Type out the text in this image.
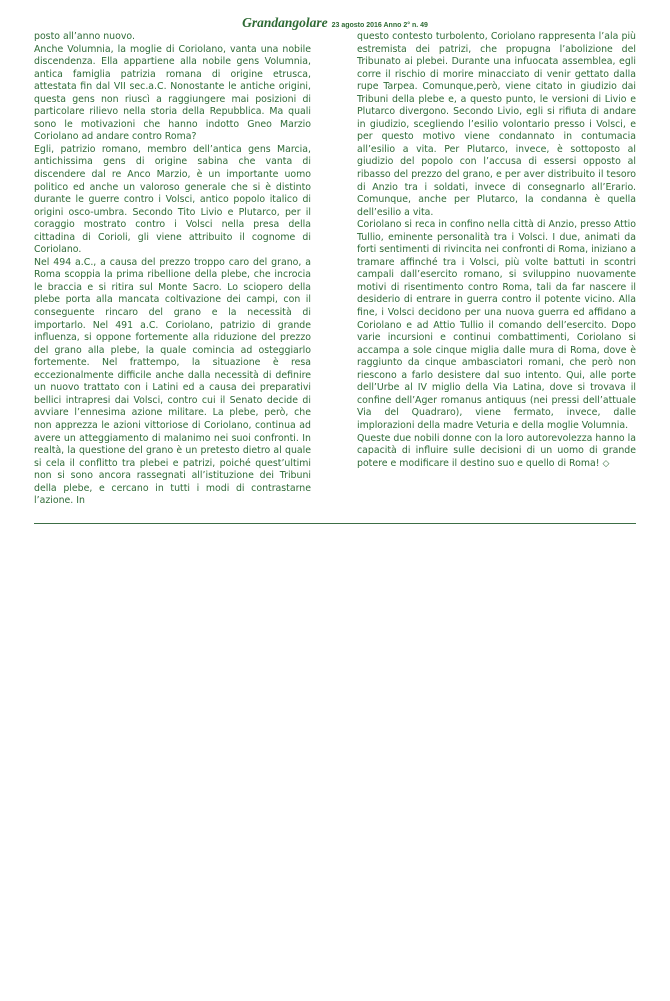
Grandangolare 23 agosto 2016 Anno 2° n. 49

posto all’anno nuovo.

Anche Volumnia, la moglie di Coriolano, vanta una nobile discendenza. Ella appartiene alla nobile gens Volumnia, antica famiglia patrizia romana di origine etrusca, attestata fin dal VII sec.a.C. Nonostante le antiche origini, questa gens non riuscì a raggiungere mai posizioni di particolare rilievo nella storia della Repubblica. Ma quali sono le motivazioni che hanno indotto Gneo Marzio Coriolano ad andare contro Roma?

Egli, patrizio romano, membro dell’antica gens Marcia, antichissima gens di origine sabina che vanta di discendere dal re Anco Marzio, è un importante uomo politico ed anche un valoroso generale che si è distinto durante le guerre contro i Volsci, antico popolo italico di origini osco-umbra. Secondo Tito Livio e Plutarco, per il coraggio mostrato contro i Volsci nella presa della cittadina di Corioli, gli viene attribuito il cognome di Coriolano.

Nel 494 a.C., a causa del prezzo troppo caro del grano, a Roma scoppia la prima ribellione della plebe, che incrocia le braccia e si ritira sul Monte Sacro. Lo sciopero della plebe porta alla mancata coltivazione dei campi, con il conseguente rincaro del grano e la necessità di importarlo. Nel 491 a.C. Coriolano, patrizio di grande influenza, si oppone fortemente alla riduzione del prezzo del grano alla plebe, la quale comincia ad osteggiarlo fortemente. Nel frattempo, la situazione è resa eccezionalmente difficile anche dalla necessità di definire un nuovo trattato con i Latini ed a causa dei preparativi bellici intrapresi dai Volsci, contro cui il Senato decide di avviare l’ennesima azione militare. La plebe, però, che non apprezza le azioni vittoriose di Coriolano, continua ad avere un atteggiamento di malanimo nei suoi confronti. In realtà, la questione del grano è un pretesto dietro al quale si cela il conflitto tra plebei e patrizi, poiché quest’ultimi non si sono ancora rassegnati all’istituzione dei Tribuni della plebe, e cercano in tutti i modi di contrastarne l’azione. In

questo contesto turbolento, Coriolano rappresenta l’ala più estremista dei patrizi, che propugna l’abolizione del Tribunato ai plebei. Durante una infuocata assemblea, egli corre il rischio di morire minacciato di venir gettato dalla rupe Tarpea. Comunque,però, viene citato in giudizio dai Tribuni della plebe e, a questo punto, le versioni di Livio e Plutarco divergono. Secondo Livio, egli si rifiuta di andare in giudizio, scegliendo l’esilio volontario presso i Volsci, e per questo motivo viene condannato in contumacia all’esilio a vita. Per Plutarco, invece, è sottoposto al giudizio del popolo con l’accusa di essersi opposto al ribasso del prezzo del grano, e per aver distribuito il tesoro di Anzio tra i soldati, invece di consegnarlo all’Erario. Comunque, anche per Plutarco, la condanna è quella dell’esilio a vita.

Coriolano si reca in confino nella città di Anzio, presso Attio Tullio, eminente personalità tra i Volsci. I due, animati da forti sentimenti di rivincita nei confronti di Roma, iniziano a tramare affinché tra i Volsci, più volte battuti in scontri campali dall’esercito romano, si sviluppino nuovamente motivi di risentimento contro Roma, tali da far nascere il desiderio di entrare in guerra contro il potente vicino. Alla fine, i Volsci decidono per una nuova guerra ed affidano a Coriolano e ad Attio Tullio il comando dell’esercito. Dopo varie incursioni e continui combattimenti, Coriolano si accampa a sole cinque miglia dalle mura di Roma, dove è raggiunto da cinque ambasciatori romani, che però non riescono a farlo desistere dal suo intento. Qui, alle porte dell’Urbe al IV miglio della Via Latina, dove si trovava il confine dell’Ager romanus antiquus (nei pressi dell’attuale Via del Quadraro), viene fermato, invece, dalle implorazioni della madre Veturia e della moglie Volumnia.

Queste due nobili donne con la loro autorevolezza hanno la capacità di influire sulle decisioni di un uomo di grande potere e modificare il destino suo e quello di Roma! ◇
